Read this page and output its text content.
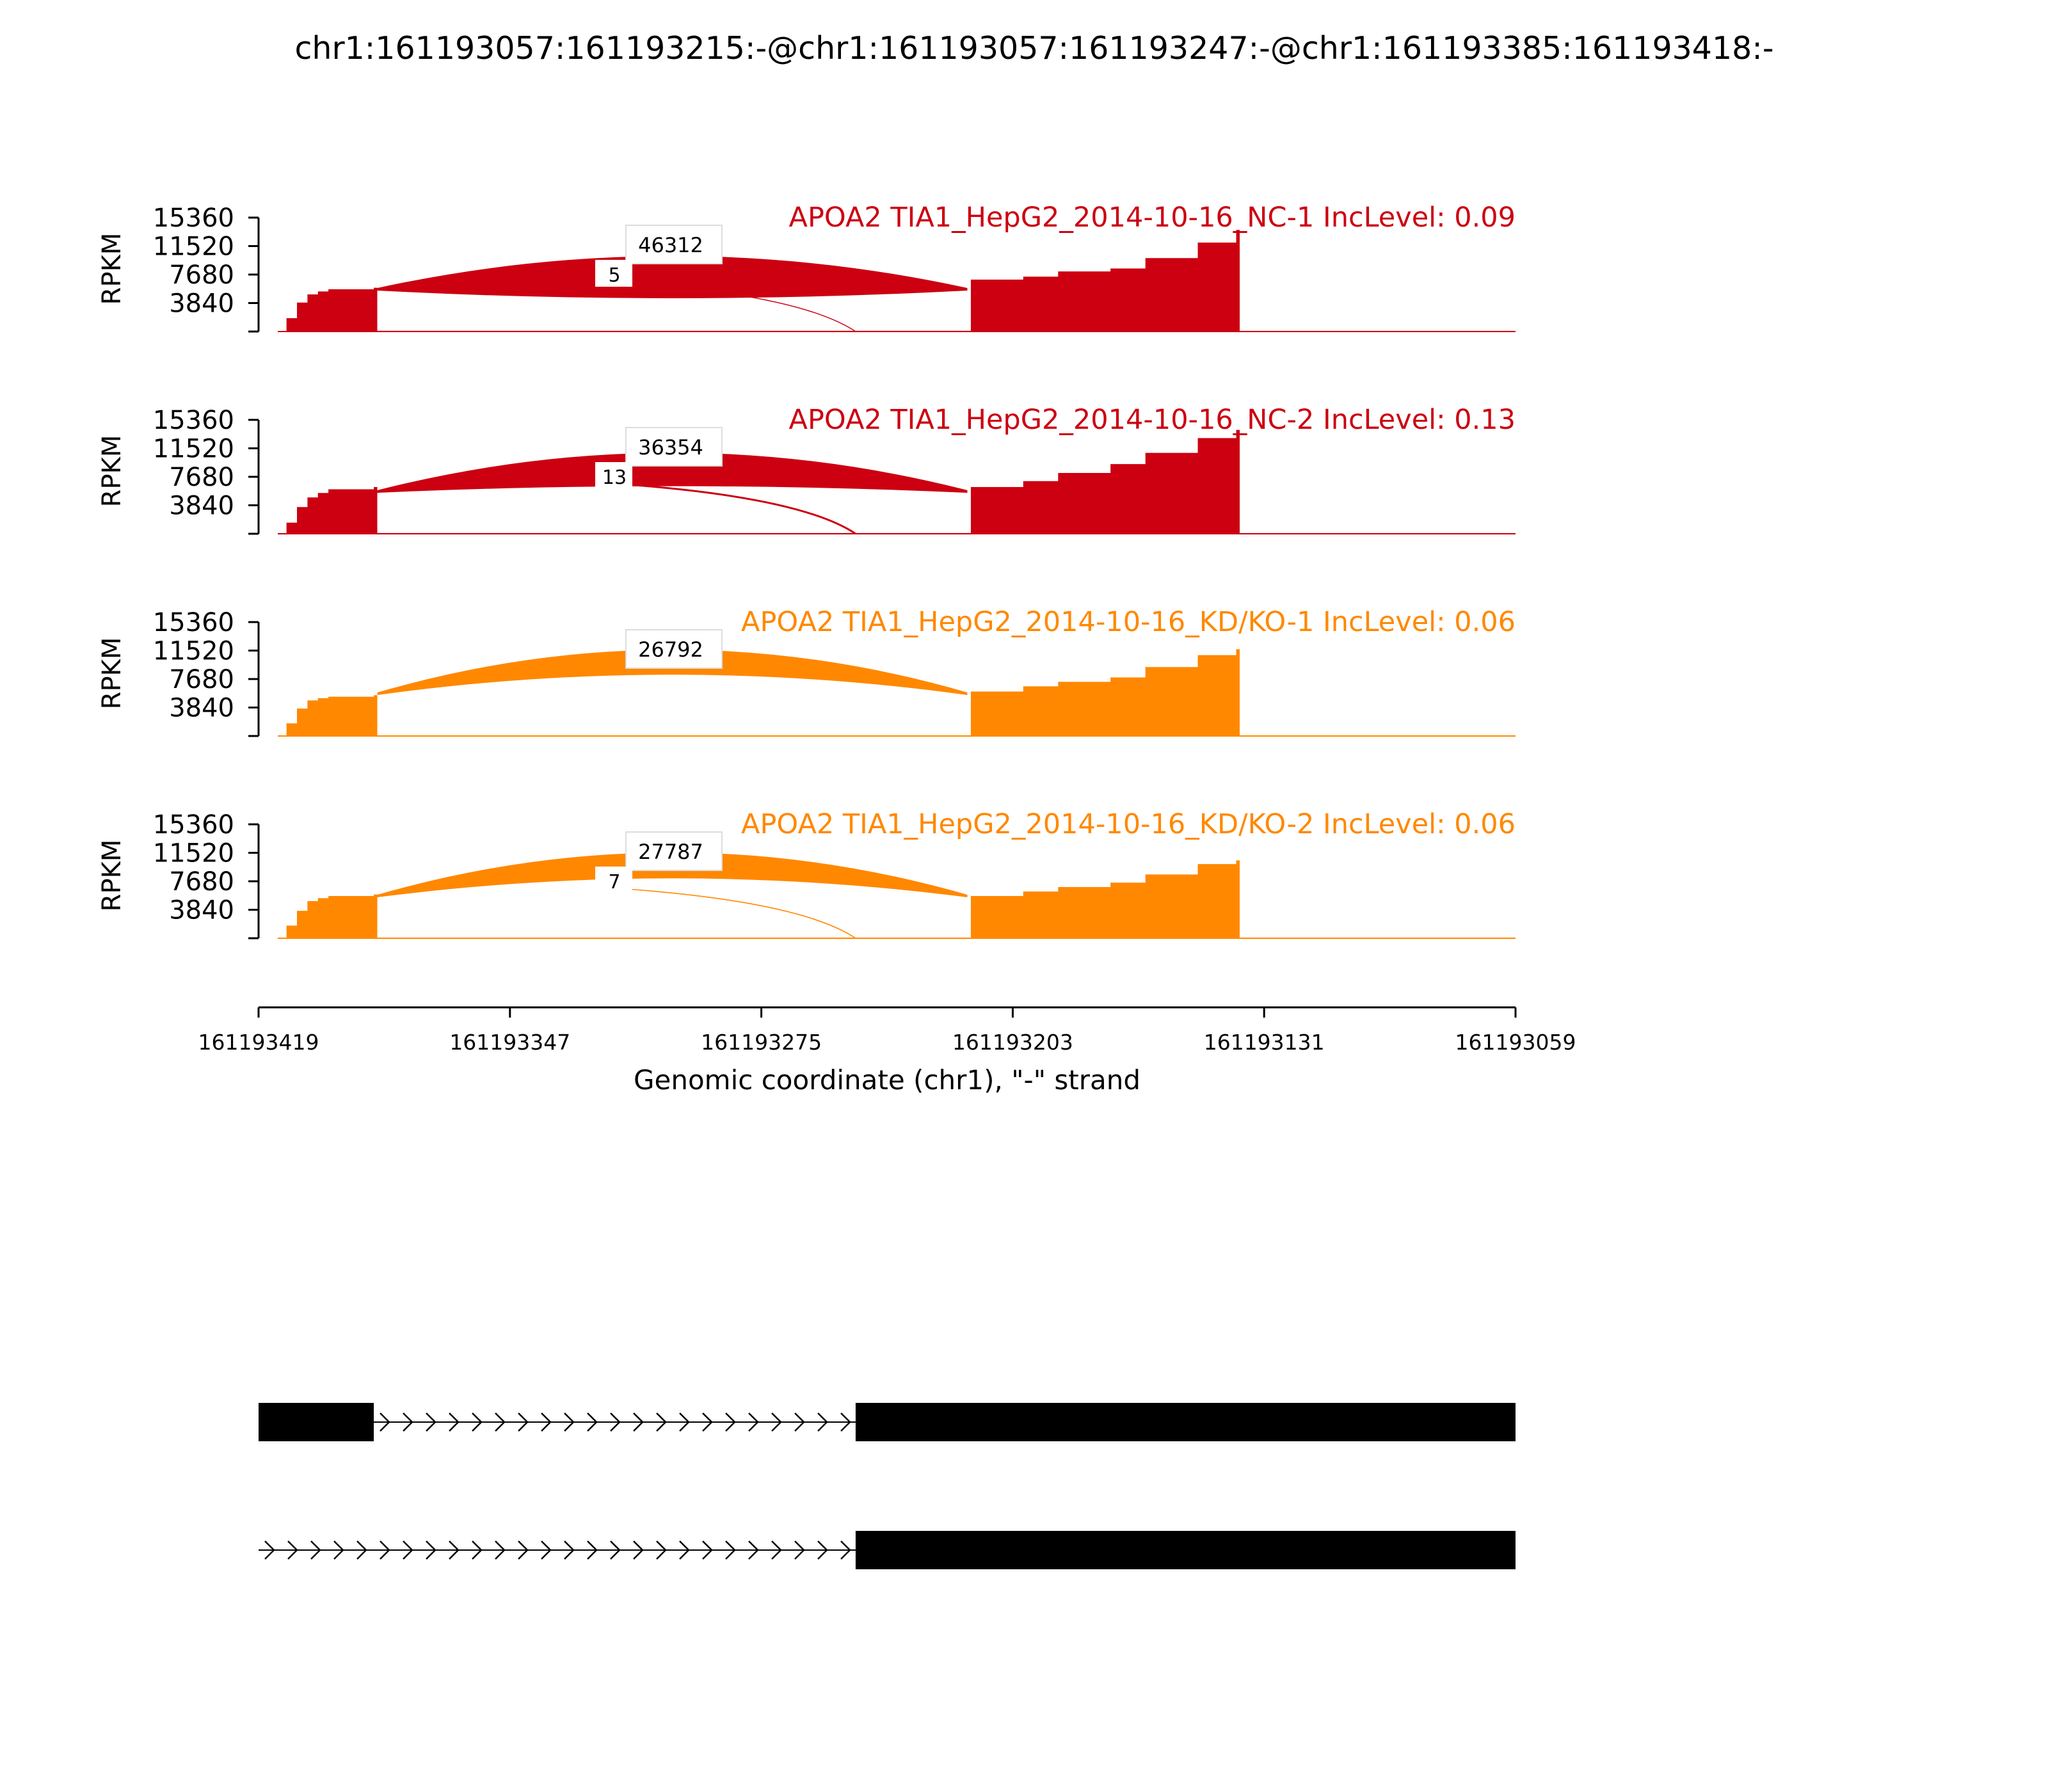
chr1:161193057:161193215:-@chr1:161193057:161193247:-@chr1:161193385:161193418:-
46312
5
3840
7680
11520
15360
RPKM
APOA2 TIA1_HepG2_2014-10-16_NC-1 IncLevel: 0.09
36354
13
3840
7680
11520
15360
RPKM
APOA2 TIA1_HepG2_2014-10-16_NC-2 IncLevel: 0.13
26792
3840
7680
11520
15360
RPKM
APOA2 TIA1_HepG2_2014-10-16_KD/KO-1 IncLevel: 0.06
27787
7
3840
7680
11520
15360
RPKM
APOA2 TIA1_HepG2_2014-10-16_KD/KO-2 IncLevel: 0.06
161193419	161193347	161193275	161193203	161193131	161193059
Genomic coordinate (chr1), "-" strand
